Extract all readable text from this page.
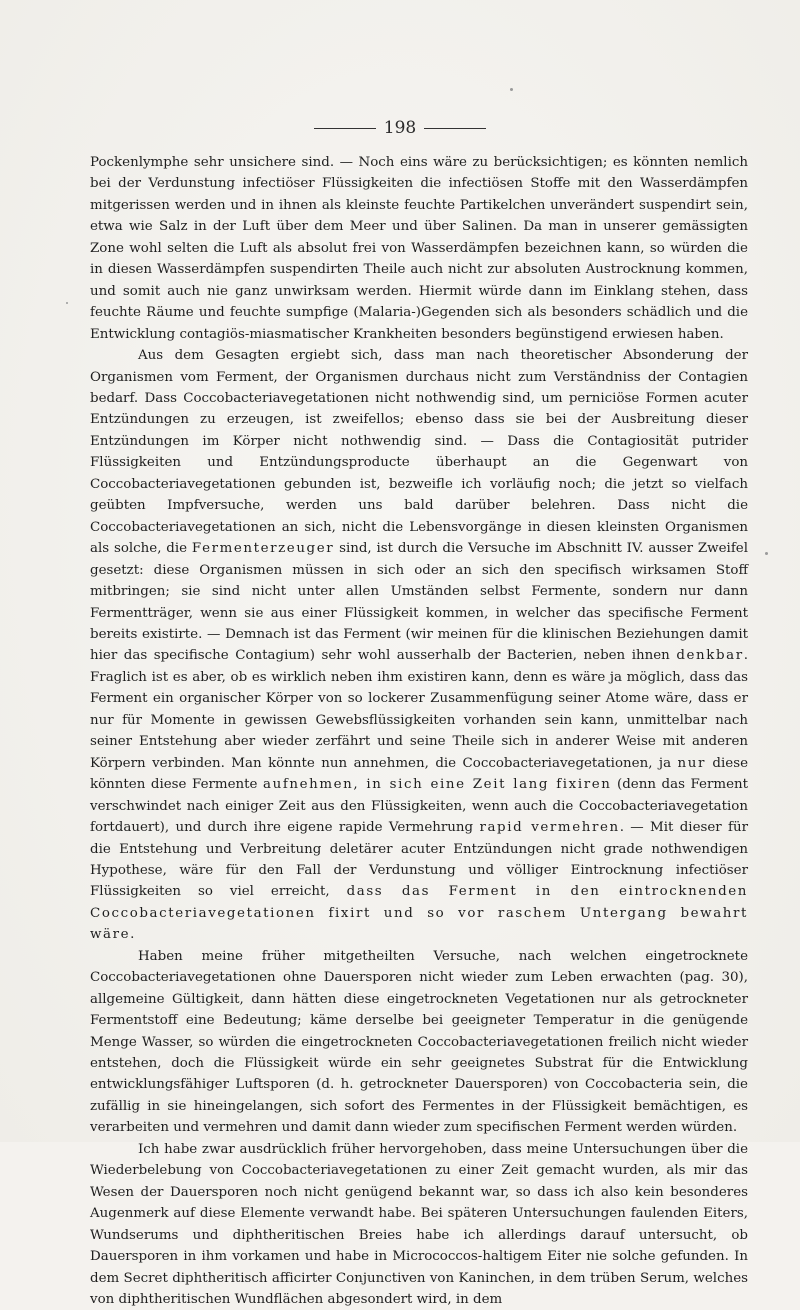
198

Pockenlymphe sehr unsichere sind. — Noch eins wäre zu berücksichtigen; es könnten nemlich bei der Verdunstung infectiöser Flüssigkeiten die infectiösen Stoffe mit den Wasserdämpfen mitgerissen werden und in ihnen als kleinste feuchte Partikelchen unverändert suspendirt sein, etwa wie Salz in der Luft über dem Meer und über Salinen. Da man in unserer gemässigten Zone wohl selten die Luft als absolut frei von Wasserdämpfen bezeichnen kann, so würden die in diesen Wasserdämpfen suspendirten Theile auch nicht zur absoluten Austrocknung kommen, und somit auch nie ganz unwirksam werden. Hiermit würde dann im Einklang stehen, dass feuchte Räume und feuchte sumpfige (Malaria-)Gegenden sich als besonders schädlich und die Entwicklung contagiös-miasmatischer Krankheiten besonders begünstigend erwiesen haben.

Aus dem Gesagten ergiebt sich, dass man nach theoretischer Absonderung der Organismen vom Ferment, der Organismen durchaus nicht zum Verständniss der Contagien bedarf. Dass Coccobacteriavegetationen nicht nothwendig sind, um perniciöse Formen acuter Entzündungen zu erzeugen, ist zweifellos; ebenso dass sie bei der Ausbreitung dieser Entzündungen im Körper nicht nothwendig sind. — Dass die Contagiosität putrider Flüssigkeiten und Entzündungsproducte überhaupt an die Gegenwart von Coccobacteriavegetationen gebunden ist, bezweifle ich vorläufig noch; die jetzt so vielfach geübten Impfversuche, werden uns bald darüber belehren. Dass nicht die Coccobacteriavegetationen an sich, nicht die Lebensvorgänge in diesen kleinsten Organismen als solche, die Fermenterzeuger sind, ist durch die Versuche im Abschnitt IV. ausser Zweifel gesetzt: diese Organismen müssen in sich oder an sich den specifisch wirksamen Stoff mitbringen; sie sind nicht unter allen Umständen selbst Fermente, sondern nur dann Fermentträger, wenn sie aus einer Flüssigkeit kommen, in welcher das specifische Ferment bereits existirte. — Demnach ist das Ferment (wir meinen für die klinischen Beziehungen damit hier das specifische Contagium) sehr wohl ausserhalb der Bacterien, neben ihnen denkbar. Fraglich ist es aber, ob es wirklich neben ihm existiren kann, denn es wäre ja möglich, dass das Ferment ein organischer Körper von so lockerer Zusammenfügung seiner Atome wäre, dass er nur für Momente in gewissen Gewebsflüssigkeiten vorhanden sein kann, unmittelbar nach seiner Entstehung aber wieder zerfährt und seine Theile sich in anderer Weise mit anderen Körpern verbinden. Man könnte nun annehmen, die Coccobacteriavegetationen, ja nur diese könnten diese Fermente aufnehmen, in sich eine Zeit lang fixiren (denn das Ferment verschwindet nach einiger Zeit aus den Flüssigkeiten, wenn auch die Coccobacteriavegetation fortdauert), und durch ihre eigene rapide Vermehrung rapid vermehren. — Mit dieser für die Entstehung und Verbreitung deletärer acuter Entzündungen nicht grade nothwendigen Hypothese, wäre für den Fall der Verdunstung und völliger Eintrocknung infectiöser Flüssigkeiten so viel erreicht, dass das Ferment in den eintrocknenden Coccobacteriavegetationen fixirt und so vor raschem Untergang bewahrt wäre.

Haben meine früher mitgetheilten Versuche, nach welchen eingetrocknete Coccobacteriavegetationen ohne Dauersporen nicht wieder zum Leben erwachten (pag. 30), allgemeine Gültigkeit, dann hätten diese eingetrockneten Vegetationen nur als getrockneter Fermentstoff eine Bedeutung; käme derselbe bei geeigneter Temperatur in die genügende Menge Wasser, so würden die eingetrockneten Coccobacteriavegetationen freilich nicht wieder entstehen, doch die Flüssigkeit würde ein sehr geeignetes Substrat für die Entwicklung entwicklungsfähiger Luftsporen (d. h. getrockneter Dauersporen) von Coccobacteria sein, die zufällig in sie hineingelangen, sich sofort des Fermentes in der Flüssigkeit bemächtigen, es verarbeiten und vermehren und damit dann wieder zum specifischen Ferment werden würden.

Ich habe zwar ausdrücklich früher hervorgehoben, dass meine Untersuchungen über die Wiederbelebung von Coccobacteriavegetationen zu einer Zeit gemacht wurden, als mir das Wesen der Dauersporen noch nicht genügend bekannt war, so dass ich also kein besonderes Augenmerk auf diese Elemente verwandt habe. Bei späteren Untersuchungen faulenden Eiters, Wundserums und diphtheritischen Breies habe ich allerdings darauf untersucht, ob Dauersporen in ihm vorkamen und habe in Micrococcos-haltigem Eiter nie solche gefunden. In dem Secret diphtheritisch afficirter Conjunctiven von Kaninchen, in dem trüben Serum, welches von diphtheritischen Wundflächen abgesondert wird, in dem
